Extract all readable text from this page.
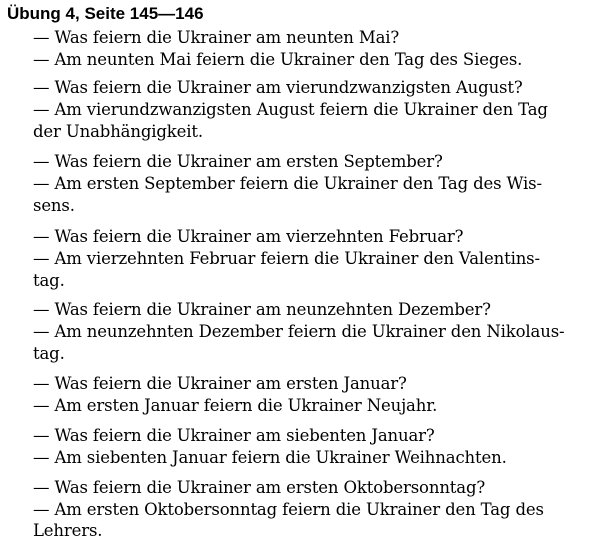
Übung 4, Seite 145—146
— Was feiern die Ukrainer am neunten Mai?
— Am neunten Mai feiern die Ukrainer den Tag des Sieges.
— Was feiern die Ukrainer am vierundzwanzigsten August?
— Am vierundzwanzigsten August feiern die Ukrainer den Tag
der Unabhängigkeit.
— Was feiern die Ukrainer am ersten September?
— Am ersten September feiern die Ukrainer den Tag des Wis-
sens.
— Was feiern die Ukrainer am vierzehnten Februar?
— Am vierzehnten Februar feiern die Ukrainer den Valentins-
tag.
— Was feiern die Ukrainer am neunzehnten Dezember?
— Am neunzehnten Dezember feiern die Ukrainer den Nikolaus-
tag.
— Was feiern die Ukrainer am ersten Januar?
— Am ersten Januar feiern die Ukrainer Neujahr.
— Was feiern die Ukrainer am siebenten Januar?
— Am siebenten Januar feiern die Ukrainer Weihnachten.
— Was feiern die Ukrainer am ersten Oktobersonntag?
— Am ersten Oktobersonntag feiern die Ukrainer den Tag des
Lehrers.
